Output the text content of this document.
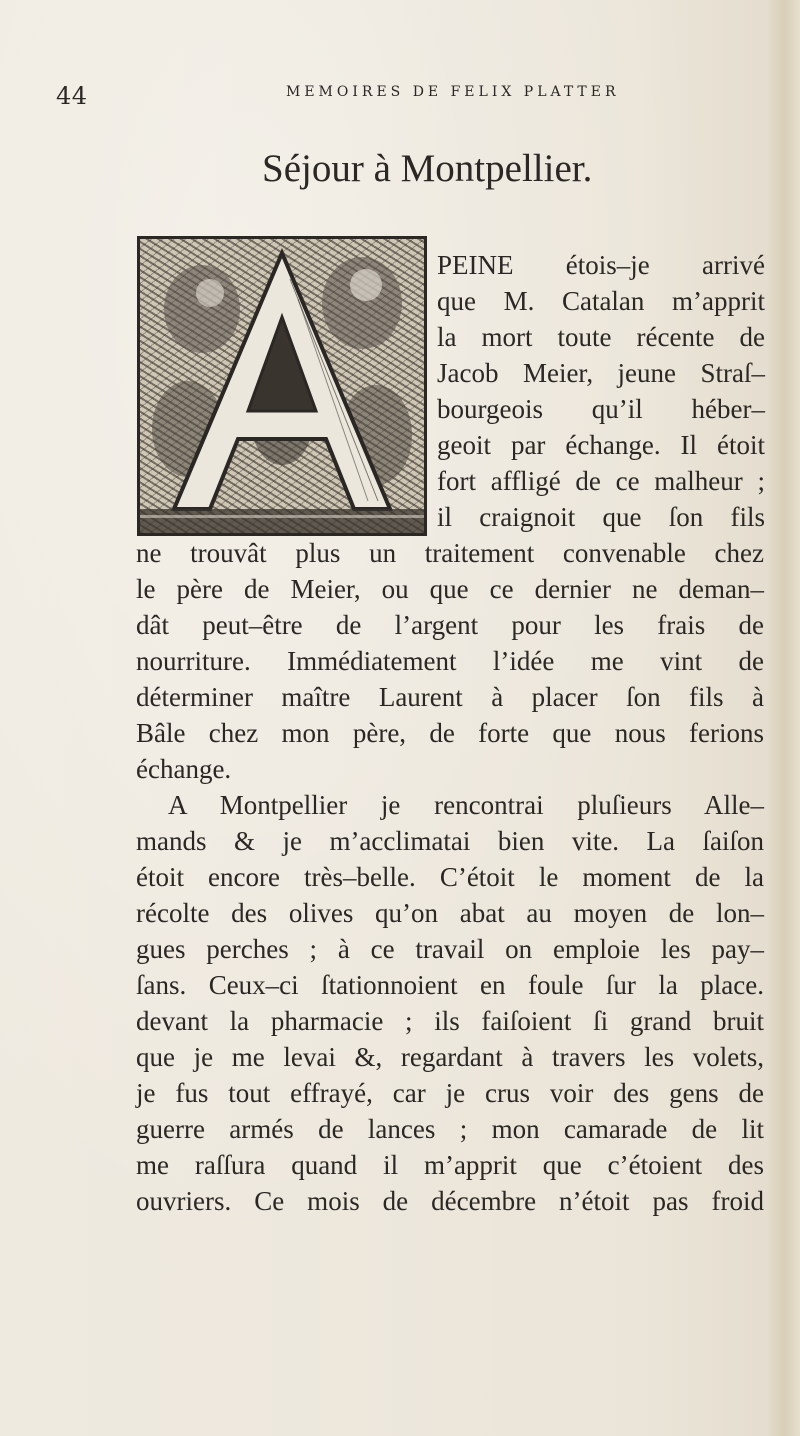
44	MEMOIRES DE FELIX PLATTER
Séjour à Montpellier.
PEINE étois–je arrivé
que M. Catalan m’apprit
la mort toute récente de
Jacob Meier, jeune Straſ–
bourgeois qu’il héber–
geoit par échange. Il étoit
fort affligé de ce malheur ;
il craignoit que ſon fils
ne trouvât plus un traitement convenable chez
le père de Meier, ou que ce dernier ne deman–
dât peut–être de l’argent pour les frais de
nourriture. Immédiatement l’idée me vint de
déterminer maître Laurent à placer ſon fils à
Bâle chez mon père, de forte que nous ferions
échange.
A Montpellier je rencontrai pluſieurs Alle–
mands & je m’acclimatai bien vite. La ſaiſon
étoit encore très–belle. C’étoit le moment de la
récolte des olives qu’on abat au moyen de lon–
gues perches ; à ce travail on emploie les pay–
ſans. Ceux–ci ſtationnoient en foule ſur la place.
devant la pharmacie ; ils faiſoient ſi grand bruit
que je me levai &, regardant à travers les volets,
je fus tout effrayé, car je crus voir des gens de
guerre armés de lances ; mon camarade de lit
me raſſura quand il m’apprit que c’étoient des
ouvriers. Ce mois de décembre n’étoit pas froid
